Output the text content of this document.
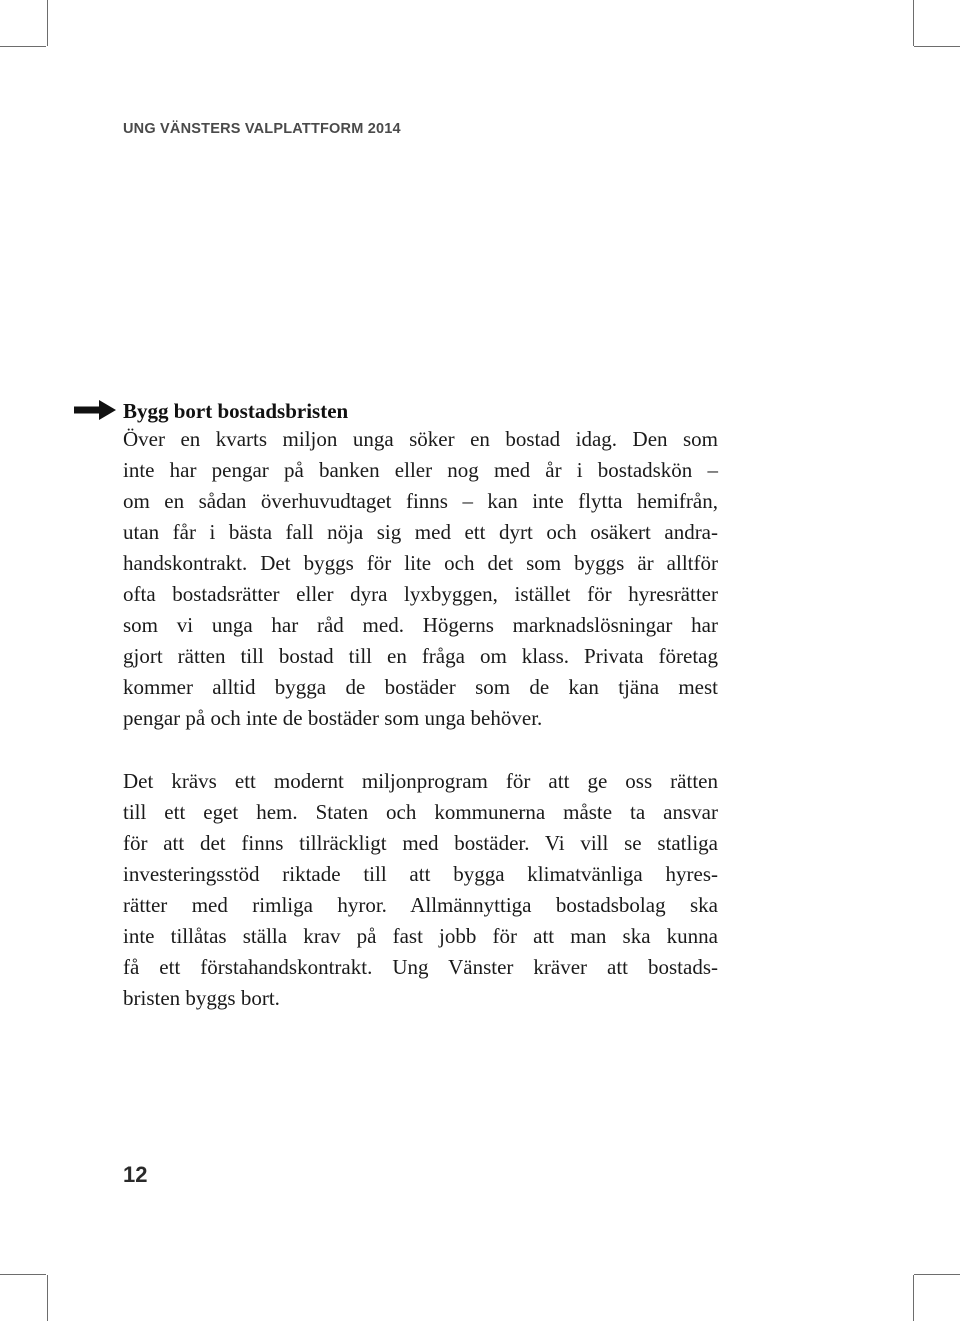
UNG VÄNSTERS VALPLATTFORM 2014
Bygg bort bostadsbristen
Över en kvarts miljon unga söker en bostad idag. Den som
inte har pengar på banken eller nog med år i bostadskön –
om en sådan överhuvudtaget finns – kan inte flytta hemifrån,
utan får i bästa fall nöja sig med ett dyrt och osäkert andra-
handskontrakt. Det byggs för lite och det som byggs är alltför
ofta bostadsrätter eller dyra lyxbyggen, istället för hyresrätter
som vi unga har råd med. Högerns marknadslösningar har
gjort rätten till bostad till en fråga om klass. Privata företag
kommer alltid bygga de bostäder som de kan tjäna mest
pengar på och inte de bostäder som unga behöver.
Det krävs ett modernt miljonprogram för att ge oss rätten
till ett eget hem. Staten och kommunerna måste ta ansvar
för att det finns tillräckligt med bostäder. Vi vill se statliga
investeringsstöd riktade till att bygga klimatvänliga hyres-
rätter med rimliga hyror. Allmännyttiga bostadsbolag ska
inte tillåtas ställa krav på fast jobb för att man ska kunna
få ett förstahandskontrakt. Ung Vänster kräver att bostads-
bristen byggs bort.
12
